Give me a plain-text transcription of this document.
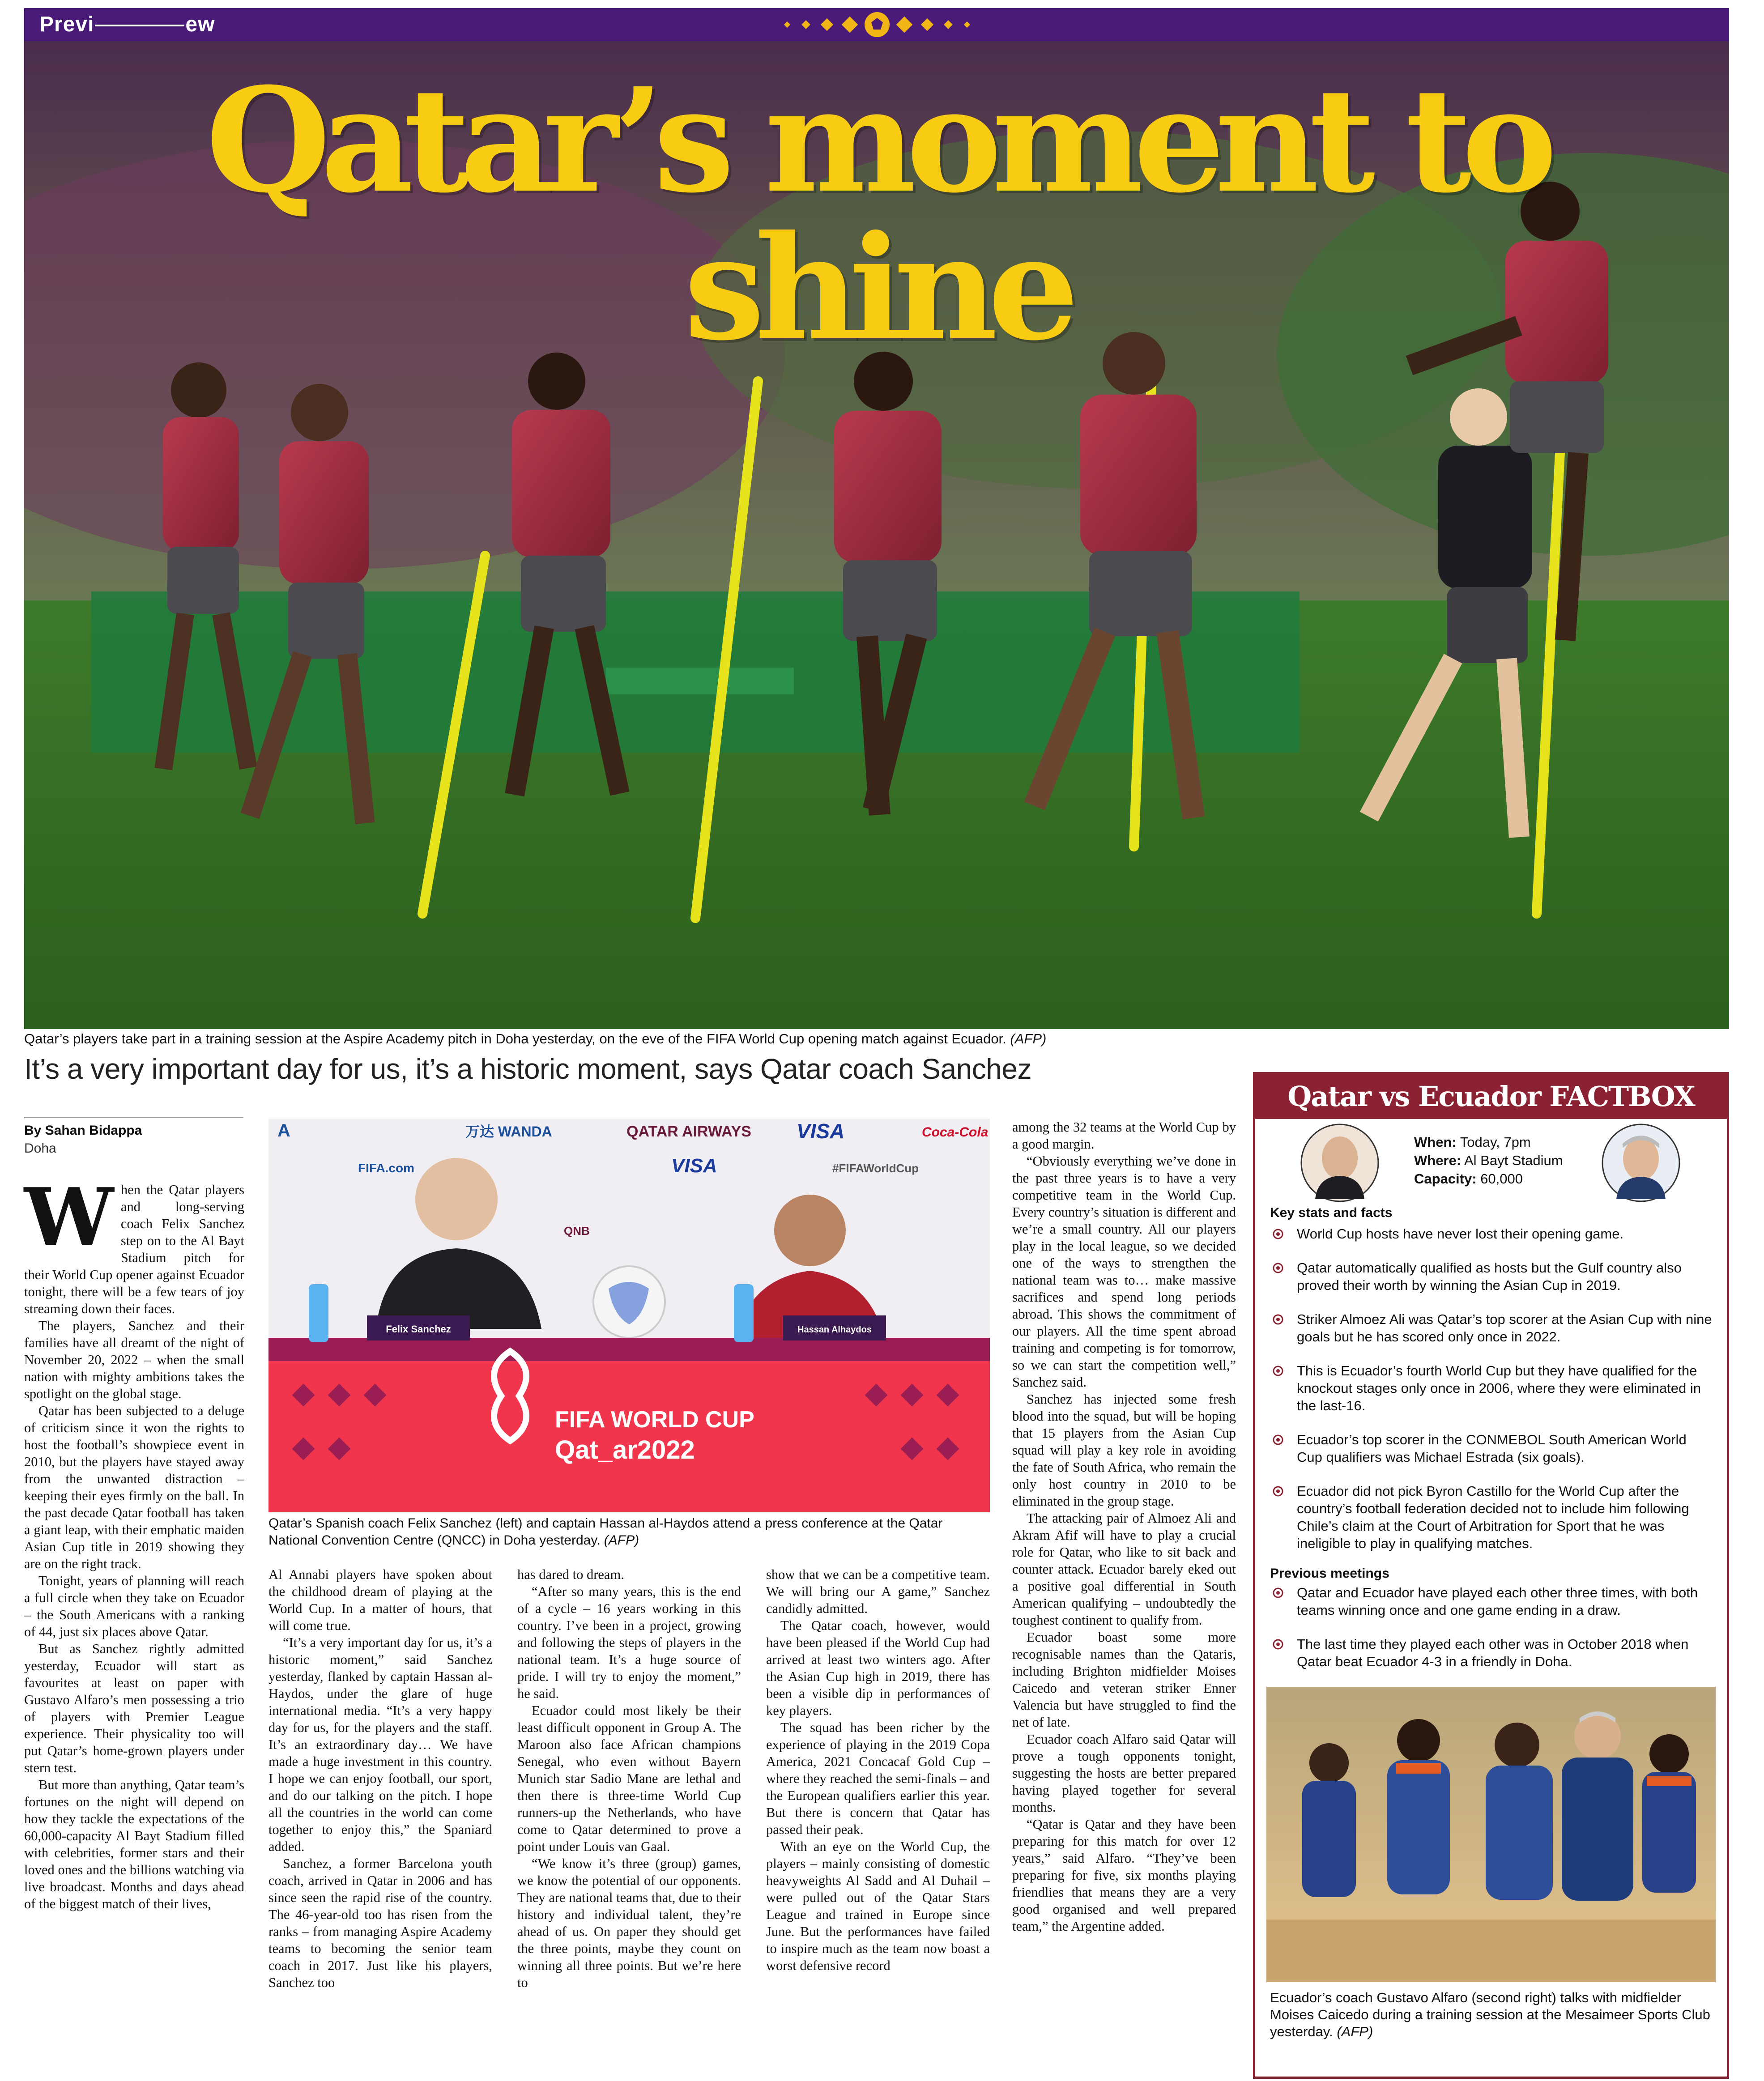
Previ	ew
Qatar’s moment to shine
Qatar’s players take part in a training session at the Aspire Academy pitch in Doha yesterday, on the eve of the FIFA World Cup opening match against Ecuador. (AFP)
It’s a very important day for us, it’s a historic moment, says Qatar coach Sanchez
By Sahan Bidappa
Doha
W hen the Qatar players and long-serving coach Felix Sanchez step on to the Al Bayt Stadium pitch for their World Cup opener against Ecuador tonight, there will be a few tears of joy streaming down their faces.

The players, Sanchez and their families have all dreamt of the night of November 20, 2022 – when the small nation with mighty ambitions takes the spotlight on the global stage.

Qatar has been subjected to a deluge of criticism since it won the rights to host the football’s showpiece event in 2010, but the players have stayed away from the unwanted distraction – keeping their eyes firmly on the ball. In the past decade Qatar football has taken a giant leap, with their emphatic maiden Asian Cup title in 2019 showing they are on the right track.

Tonight, years of planning will reach a full circle when they take on Ecuador – the South Americans with a ranking of 44, just six places above Qatar.

But as Sanchez rightly admitted yesterday, Ecuador will start as favourites at least on paper with Gustavo Alfaro’s men possessing a trio of players with Premier League experience. Their physicality too will put Qatar’s home-grown players under stern test.

But more than anything, Qatar team’s fortunes on the night will depend on how they tackle the expectations of the 60,000-capacity Al Bayt Stadium filled with celebrities, former stars and their loved ones and the billions watching via live broadcast. Months and days ahead of the biggest match of their lives,

A	万达 WANDA	QATAR AIRWAYS VISA	Coca-Cola
FIFA.com	VISA	#FIFAWorldCup
QNB
Felix Sanchez	Hassan Alhaydos
FIFA WORLD CUP
Qat_ar2022
Qatar’s Spanish coach Felix Sanchez (left) and captain Hassan al-Haydos attend a press conference at the Qatar National Convention Centre (QNCC) in Doha yesterday. (AFP)

Al Annabi players have spoken about the childhood dream of playing at the World Cup. In a matter of hours, that will come true.

“It’s a very important day for us, it’s a historic moment,” said Sanchez yesterday, flanked by captain Hassan al-Haydos, under the glare of huge international media. “It’s a very happy day for us, for the players and the staff. It’s an extraordinary day… We have made a huge investment in this country. I hope we can enjoy football, our sport, and do our talking on the pitch. I hope all the countries in the world can come together to enjoy this,” the Spaniard added.

Sanchez, a former Barcelona youth coach, arrived in Qatar in 2006 and has since seen the rapid rise of the country. The 46-year-old too has risen from the ranks – from managing Aspire Academy teams to becoming the senior team coach in 2017. Just like his players, Sanchez too

has dared to dream.

“After so many years, this is the end of a cycle – 16 years working in this country. I’ve been in a project, growing and following the steps of players in the national team. It’s a huge source of pride. I will try to enjoy the moment,” he said.

Ecuador could most likely be their least difficult opponent in Group A. The Maroon also face African champions Senegal, who even without Bayern Munich star Sadio Mane are lethal and then there is three-time World Cup runners-up the Netherlands, who have come to Qatar determined to prove a point under Louis van Gaal.

“We know it’s three (group) games, we know the potential of our opponents. They are national teams that, due to their history and individual talent, they’re ahead of us. On paper they should get the three points, maybe they count on winning all three points. But we’re here to

show that we can be a competitive team. We will bring our A game,” Sanchez candidly admitted.

The Qatar coach, however, would have been pleased if the World Cup had arrived at least two winters ago. After the Asian Cup high in 2019, there has been a visible dip in performances of key players.

The squad has been richer by the experience of playing in the 2019 Copa America, 2021 Concacaf Gold Cup – where they reached the semi-finals – and the European qualifiers earlier this year. But there is concern that Qatar has passed their peak.

With an eye on the World Cup, the players – mainly consisting of domestic heavyweights Al Sadd and Al Duhail – were pulled out of the Qatar Stars League and trained in Europe since June. But the performances have failed to inspire much as the team now boast a worst defensive record

among the 32 teams at the World Cup by a good margin.

“Obviously everything we’ve done in the past three years is to have a very competitive team in the World Cup. Every country’s situation is different and we’re a small country. All our players play in the local league, so we decided one of the ways to strengthen the national team was to… make massive sacrifices and spend long periods abroad. This shows the commitment of our players. All the time spent abroad training and competing is for tomorrow, so we can start the competition well,” Sanchez said.

Sanchez has injected some fresh blood into the squad, but will be hoping that 15 players from the Asian Cup squad will play a key role in avoiding the fate of South Africa, who remain the only host country in 2010 to be eliminated in the group stage.

The attacking pair of Almoez Ali and Akram Afif will have to play a crucial role for Qatar, who like to sit back and counter attack. Ecuador barely eked out a positive goal differential in South American qualifying – undoubtedly the toughest continent to qualify from.

Ecuador boast some more recognisable names than the Qataris, including Brighton midfielder Moises Caicedo and veteran striker Enner Valencia but have struggled to find the net of late.

Ecuador coach Alfaro said Qatar will prove a tough opponents tonight, suggesting the hosts are better prepared having played together for several months.

“Qatar is Qatar and they have been preparing for this match for over 12 years,” said Alfaro. “They’ve been preparing for five, six months playing friendlies that means they are a very good organised and well prepared team,” the Argentine added.

Qatar vs Ecuador FACTBOX
When: Today, 7pm
Where: Al Bayt Stadium
Capacity: 60,000
Key stats and facts
World Cup hosts have never lost their opening game.
Qatar automatically qualified as hosts but the Gulf country also proved their worth by winning the Asian Cup in 2019.
Striker Almoez Ali was Qatar’s top scorer at the Asian Cup with nine goals but he has scored only once in 2022.
This is Ecuador’s fourth World Cup but they have qualified for the knockout stages only once in 2006, where they were eliminated in the last-16.
Ecuador’s top scorer in the CONMEBOL South American World Cup qualifiers was Michael Estrada (six goals).
Ecuador did not pick Byron Castillo for the World Cup after the country’s football federation decided not to include him following Chile’s claim at the Court of Arbitration for Sport that he was ineligible to play in qualifying matches.
Previous meetings
Qatar and Ecuador have played each other three times, with both teams winning once and one game ending in a draw.
The last time they played each other was in October 2018 when Qatar beat Ecuador 4-3 in a friendly in Doha.
Ecuador’s coach Gustavo Alfaro (second right) talks with midfielder Moises Caicedo during a training session at the Mesaimeer Sports Club yesterday. (AFP)
